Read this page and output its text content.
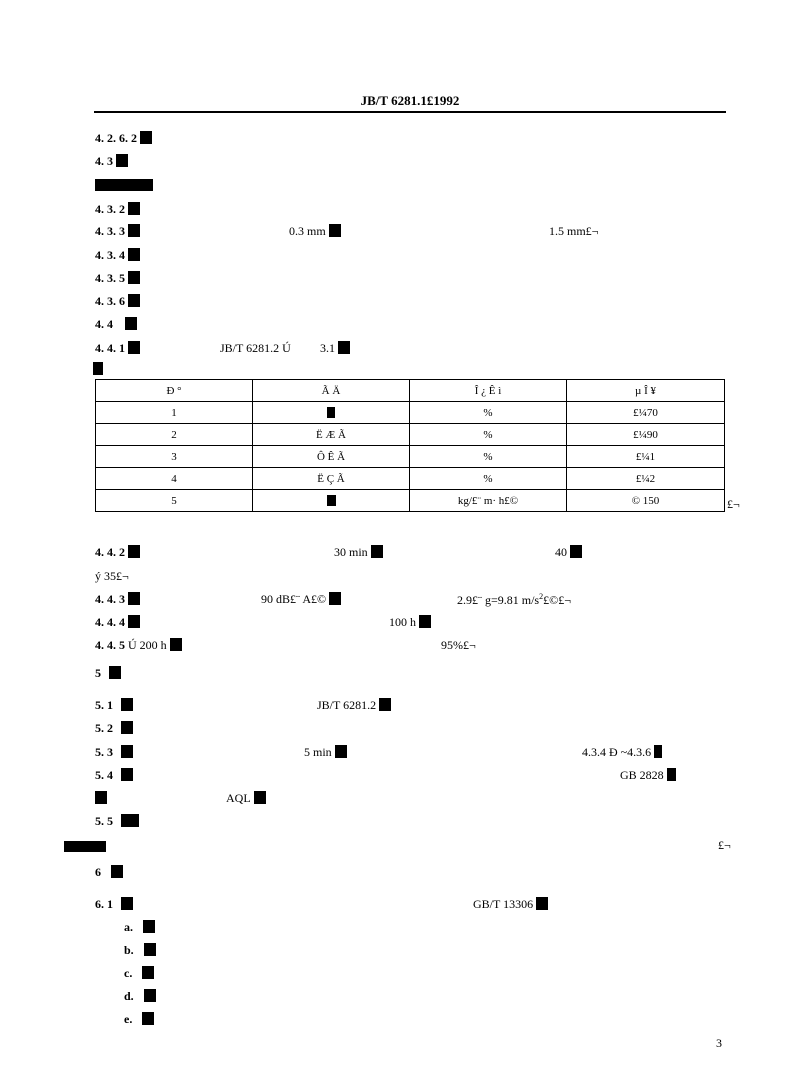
JB/T 6281.1£1992
4. 2. 6. 2
4. 3
4. 3. 2
4. 3. 3	0.3 mm	1.5 mm£¬
4. 3. 4
4. 3. 5
4. 3. 6
4. 4
4. 4. 1	JB/T 6281.2 Ú 3.1
Ð °	Ã Ä	Î ¿ Ê ì	µ Î ¥
1		%	£¼70
2	Ë Æ Ã	%	£¼90
3	Ô Ê Ã	%	£¼1
4	Ë Ç Ã	%	£¼2
5		kg/£¨ m· h£©	© 150	£¬
4. 4. 2	30 min	40
ý 35£¬
4. 4. 3	90 dB£¨ A£©	2.9£¨ g=9.81 $m/s^2£©£\neg$
4. 4. 4	100 h
4. 4. 5 Ú 200 h	95%£¬
5
5. 1	JB/T 6281.2
5. 2
5. 3	5 min	4.3.4 Ð ~4.3.6
5. 4	GB 2828
AQL
5. 5
£¬
6
6. 1	GB/T 13306
a.
b.
c.
d.
e.
3
